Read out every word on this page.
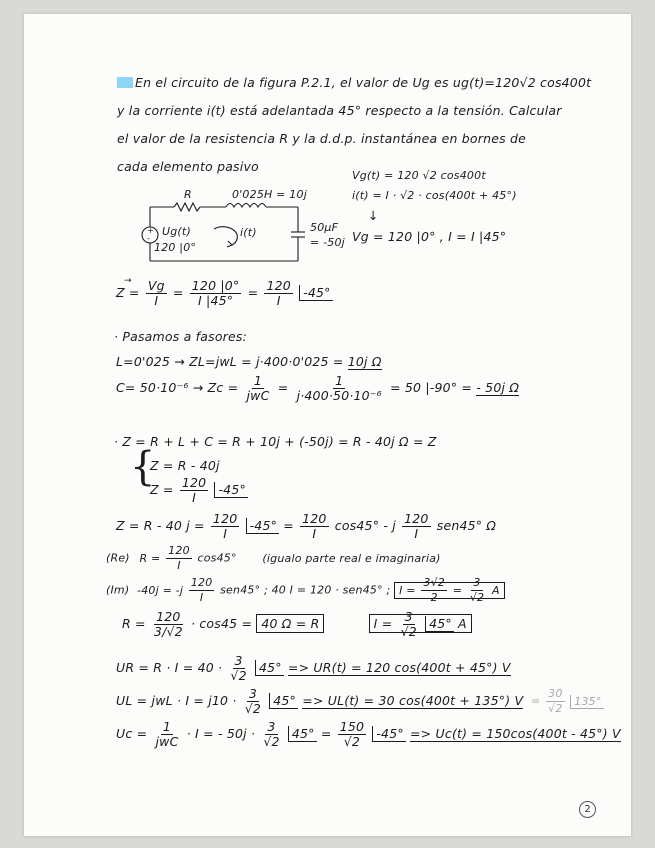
En el circuito de la figura P.2.1, el valor de Ug es ug(t)=120√2 cos400t
y la corriente i(t) está adelantada 45° respecto a la tensión. Calcular
el valor de la resistencia R y la d.d.p. instantánea en bornes de
cada elemento pasivo
+
-
R	0'025H = 10j
50μF
= -50j
Ug(t)
120 |0°
i(t)
Vg(t) = 120 √2 cos400t
i(t) = I · √2 · cos(400t + 45°)
↓
Vg = 120 |0° , I = I |45°
→ $Z = \frac{Vg}{I} = \frac{120 |0^\circ}{I |45^\circ} = \frac{120}{I} -45^\circ$
· Pasamos a fasores:
L=0'025 → ZL=jwL = j·400·0'025 = 10j Ω
$C= 50\cdot 10^{-6} \to Zc = \frac{1}{\text{jwC}} = \frac{1}{\text{j·400·50·10⁻⁶}} = 50$ |-90° = - 50j Ω
· Z = R + L + C = R + 10j + (-50j) = R - 40j Ω = Z
{
Z = R - 40j
$Z = \frac{120}{I} -45^\circ$
Z = R - 40 $j = \frac{120}{I} -45^\circ = \frac{120}{I} \cos 45^\circ - j \frac{120}{I} sen45^\circ$ Ω
(Re) $R = \frac{120}{I} \cos 45^\circ$ (igualo parte real e imaginaria)
(Im) $-40j = -j \frac{120}{I} sen45^\circ$ ; 40 I = 120 · sen45° ; $I = \frac{3√2}{2} = \frac{3}{√2}$ A
$R = \frac{120}{3/√2} \cdot \cos 45 = 40$ Ω = R	$I = \frac{3}{√2} 45^\circ$ A
UR = $R \cdot I = 40 \cdot \frac{3}{√2} 45^\circ => UR(t) = 120$ cos(400t + 45°) V
UL = jwL · $I = j10 \cdot \frac{3}{√2} 45^\circ => UL(t) = 30$ cos(400t + 135°) $V = \frac{30}{√2} 135^\circ$
$Uc = \frac{1}{\text{jwC}} \cdot I$ = - $50j \cdot \frac{3}{√2} 45^\circ = \frac{150}{√2} -45^\circ => Uc(t) = 150\cos(400t - 45^\circ)$ V
2
